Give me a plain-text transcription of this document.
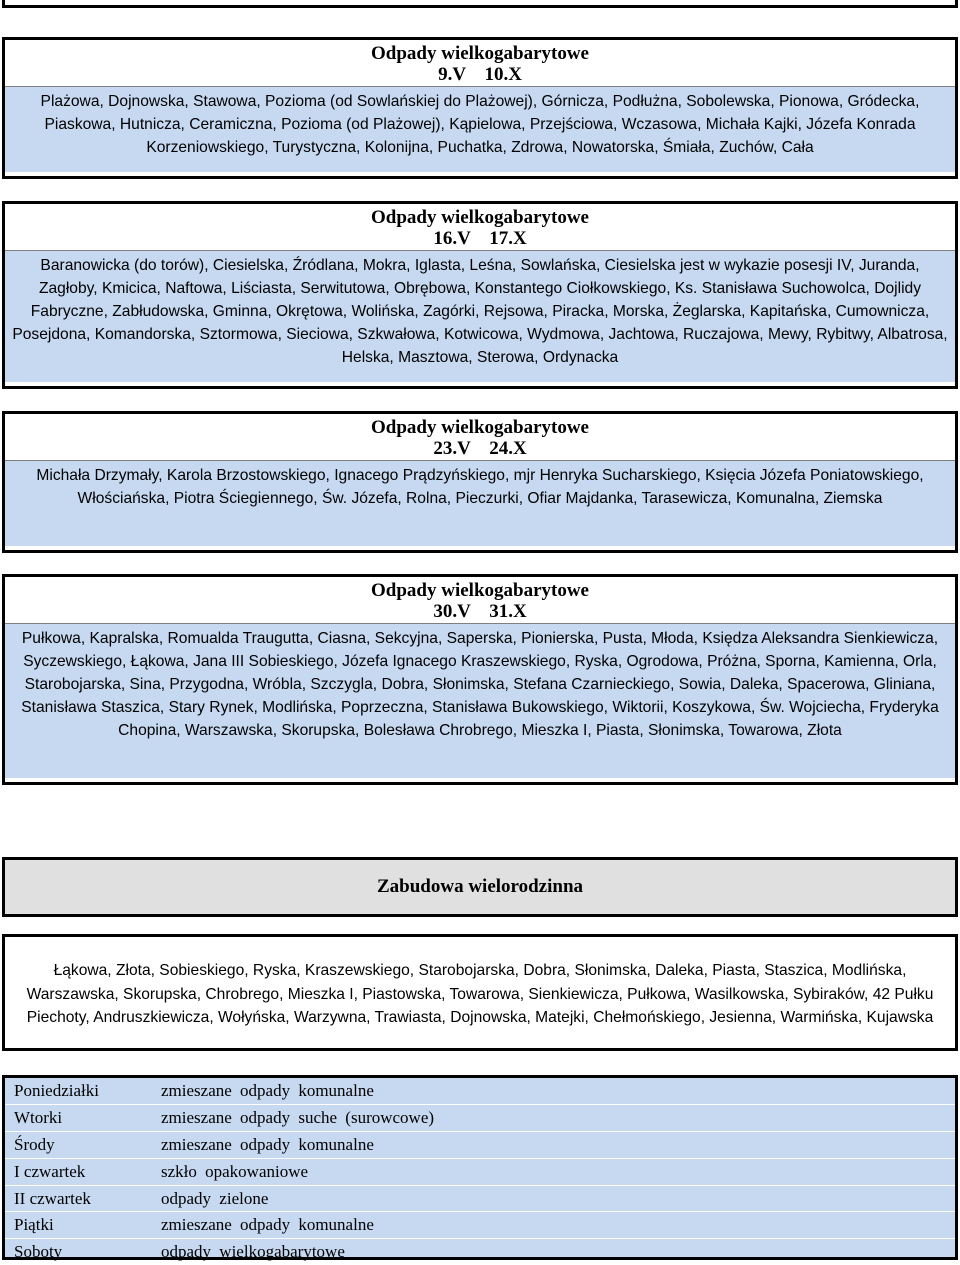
Odpady wielkogabarytowe
9.V 10.X
Plażowa, Dojnowska, Stawowa, Pozioma (od Sowlańskiej do Plażowej), Górnicza, Podłużna, Sobolewska, Pionowa, Gródecka, Piaskowa, Hutnicza, Ceramiczna, Pozioma (od Plażowej), Kąpielowa, Przejściowa, Wczasowa, Michała Kajki, Józefa Konrada Korzeniowskiego, Turystyczna, Kolonijna, Puchatka, Zdrowa, Nowatorska, Śmiała, Zuchów, Cała
Odpady wielkogabarytowe
16.V 17.X
Baranowicka (do torów), Ciesielska, Źródlana, Mokra, Iglasta, Leśna, Sowlańska, Ciesielska jest w wykazie posesji IV, Juranda, Zagłoby, Kmicica, Naftowa, Liściasta, Serwitutowa, Obrębowa, Konstantego Ciołkowskiego, Ks. Stanisława Suchowolca, Dojlidy Fabryczne, Zabłudowska, Gminna, Okrętowa, Wolińska, Zagórki, Rejsowa, Piracka, Morska, Żeglarska, Kapitańska, Cumownicza, Posejdona, Komandorska, Sztormowa, Sieciowa, Szkwałowa, Kotwicowa, Wydmowa, Jachtowa, Ruczajowa, Mewy, Rybitwy, Albatrosa, Helska, Masztowa, Sterowa, Ordynacka
Odpady wielkogabarytowe
23.V 24.X
Michała Drzymały, Karola Brzostowskiego, Ignacego Prądzyńskiego, mjr Henryka Sucharskiego, Księcia Józefa Poniatowskiego, Włościańska, Piotra Ściegiennego, Św. Józefa, Rolna, Pieczurki, Ofiar Majdanka, Tarasewicza, Komunalna, Ziemska
Odpady wielkogabarytowe
30.V 31.X
Pułkowa, Kapralska, Romualda Traugutta, Ciasna, Sekcyjna, Saperska, Pionierska, Pusta, Młoda, Księdza Aleksandra Sienkiewicza, Syczewskiego, Łąkowa, Jana III Sobieskiego, Józefa Ignacego Kraszewskiego, Ryska, Ogrodowa, Próżna, Sporna, Kamienna, Orla, Starobojarska, Sina, Przygodna, Wróbla, Szczygla, Dobra, Słonimska, Stefana Czarnieckiego, Sowia, Daleka, Spacerowa, Gliniana, Stanisława Staszica, Stary Rynek, Modlińska, Poprzeczna, Stanisława Bukowskiego, Wiktorii, Koszykowa, Św. Wojciecha, Fryderyka Chopina, Warszawska, Skorupska, Bolesława Chrobrego, Mieszka I, Piasta, Słonimska, Towarowa, Złota
Zabudowa wielorodzinna
Łąkowa, Złota, Sobieskiego, Ryska, Kraszewskiego, Starobojarska, Dobra, Słonimska, Daleka, Piasta, Staszica, Modlińska, Warszawska, Skorupska, Chrobrego, Mieszka I, Piastowska, Towarowa, Sienkiewicza, Pułkowa, Wasilkowska, Sybiraków, 42 Pułku Piechoty, Andruszkiewicza, Wołyńska, Warzywna, Trawiasta, Dojnowska, Matejki, Chełmońskiego, Jesienna, Warmińska, Kujawska
Poniedziałki	zmieszane odpady komunalne
Wtorki	zmieszane odpady suche (surowcowe)
Środy	zmieszane odpady komunalne
I czwartek	szkło opakowaniowe
II czwartek	odpady zielone
Piątki	zmieszane odpady komunalne
Soboty	odpady wielkogabarytowe
